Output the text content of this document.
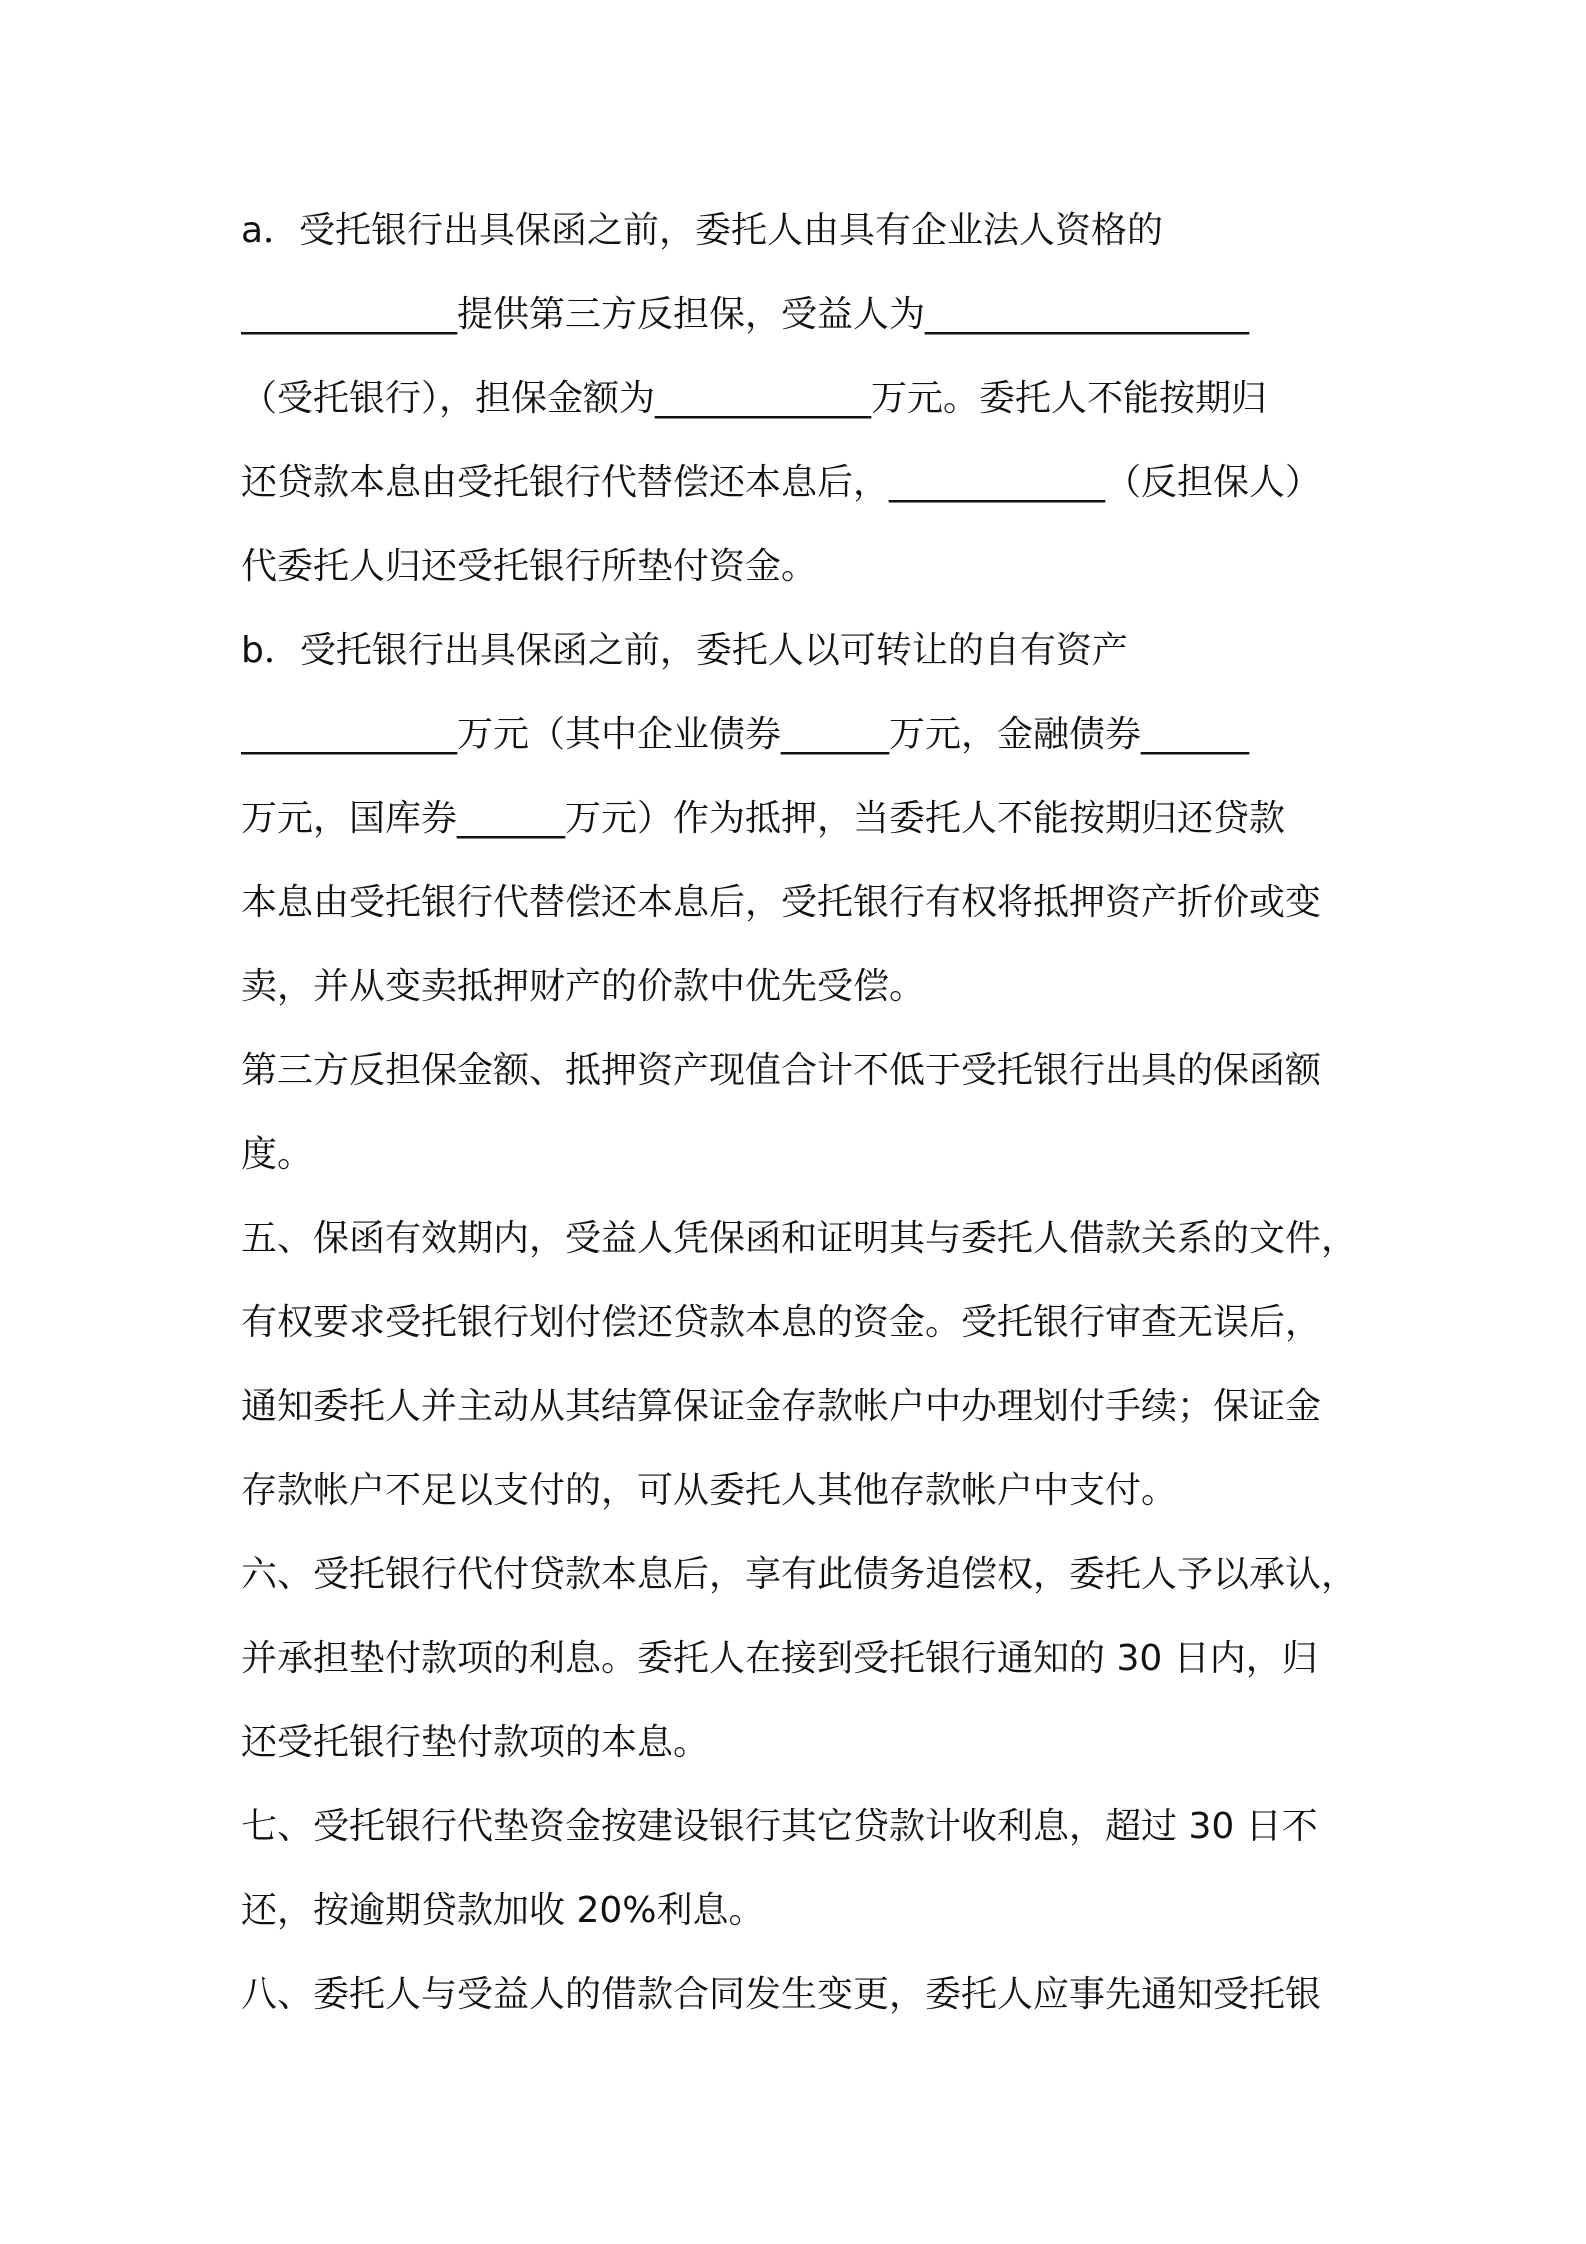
a．受托银行出具保函之前，委托人由具有企业法人资格的
____________提供第三方反担保，受益人为__________________
（受托银行），担保金额为____________万元。委托人不能按期归
还贷款本息由受托银行代替偿还本息后，____________（反担保人）
代委托人归还受托银行所垫付资金。
b．受托银行出具保函之前，委托人以可转让的自有资产
____________万元（其中企业债券______万元，金融债券______
万元，国库券______万元）作为抵押，当委托人不能按期归还贷款
本息由受托银行代替偿还本息后，受托银行有权将抵押资产折价或变
卖，并从变卖抵押财产的价款中优先受偿。
第三方反担保金额、抵押资产现值合计不低于受托银行出具的保函额
度。
五、保函有效期内，受益人凭保函和证明其与委托人借款关系的文件，
有权要求受托银行划付偿还贷款本息的资金。受托银行审查无误后，
通知委托人并主动从其结算保证金存款帐户中办理划付手续；保证金
存款帐户不足以支付的，可从委托人其他存款帐户中支付。
六、受托银行代付贷款本息后，享有此债务追偿权，委托人予以承认，
并承担垫付款项的利息。委托人在接到受托银行通知的 30 日内，归
还受托银行垫付款项的本息。
七、受托银行代垫资金按建设银行其它贷款计收利息，超过 30 日不
还，按逾期贷款加收 20%利息。
八、委托人与受益人的借款合同发生变更，委托人应事先通知受托银
